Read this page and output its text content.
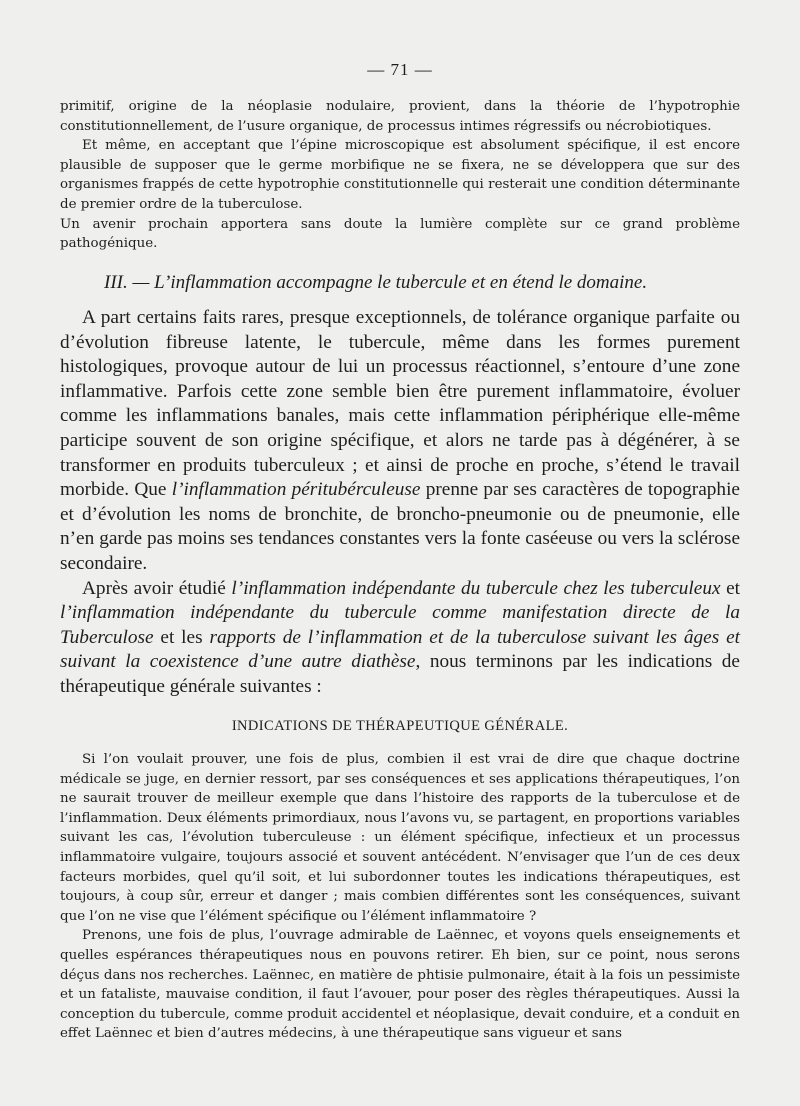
— 71 —

primitif, origine de la néoplasie nodulaire, provient, dans la théorie de l’hypotrophie constitutionnellement, de l’usure organique, de processus intimes régressifs ou nécrobiotiques.

Et même, en acceptant que l’épine microscopique est absolument spécifique, il est encore plausible de supposer que le germe morbifique ne se fixera, ne se développera que sur des organismes frappés de cette hypotrophie constitutionnelle qui resterait une condition déterminante de premier ordre de la tuberculose.

Un avenir prochain apportera sans doute la lumière complète sur ce grand problème pathogénique.

III. — L’inflammation accompagne le tubercule et en étend le domaine.

A part certains faits rares, presque exceptionnels, de tolérance organique parfaite ou d’évolution fibreuse latente, le tubercule, même dans les formes purement histologiques, provoque autour de lui un processus réactionnel, s’entoure d’une zone inflammative. Parfois cette zone semble bien être purement inflammatoire, évoluer comme les inflammations banales, mais cette inflammation périphérique elle-même participe souvent de son origine spécifique, et alors ne tarde pas à dégénérer, à se transformer en produits tuberculeux ; et ainsi de proche en proche, s’étend le travail morbide. Que l’inflammation péritubérculeuse prenne par ses caractères de topographie et d’évolution les noms de bronchite, de broncho-pneumonie ou de pneumonie, elle n’en garde pas moins ses tendances constantes vers la fonte caséeuse ou vers la sclérose secondaire.

Après avoir étudié l’inflammation indépendante du tubercule chez les tuberculeux et l’inflammation indépendante du tubercule comme manifestation directe de la Tuberculose et les rapports de l’inflammation et de la tuberculose suivant les âges et suivant la coexistence d’une autre diathèse, nous terminons par les indications de thérapeutique générale suivantes :

INDICATIONS DE THÉRAPEUTIQUE GÉNÉRALE.

Si l’on voulait prouver, une fois de plus, combien il est vrai de dire que chaque doctrine médicale se juge, en dernier ressort, par ses conséquences et ses applications thérapeutiques, l’on ne saurait trouver de meilleur exemple que dans l’histoire des rapports de la tuberculose et de l’inflammation. Deux éléments primordiaux, nous l’avons vu, se partagent, en proportions variables suivant les cas, l’évolution tuberculeuse : un élément spécifique, infectieux et un processus inflammatoire vulgaire, toujours associé et souvent antécédent. N’envisager que l’un de ces deux facteurs morbides, quel qu’il soit, et lui subordonner toutes les indications thérapeutiques, est toujours, à coup sûr, erreur et danger ; mais combien différentes sont les conséquences, suivant que l’on ne vise que l’élément spécifique ou l’élément inflammatoire ?

Prenons, une fois de plus, l’ouvrage admirable de Laënnec, et voyons quels enseignements et quelles espérances thérapeutiques nous en pouvons retirer. Eh bien, sur ce point, nous serons déçus dans nos recherches. Laënnec, en matière de phtisie pulmonaire, était à la fois un pessimiste et un fataliste, mauvaise condition, il faut l’avouer, pour poser des règles thérapeutiques. Aussi la conception du tubercule, comme produit accidentel et néoplasique, devait conduire, et a conduit en effet Laënnec et bien d’autres médecins, à une thérapeutique sans vigueur et sans
